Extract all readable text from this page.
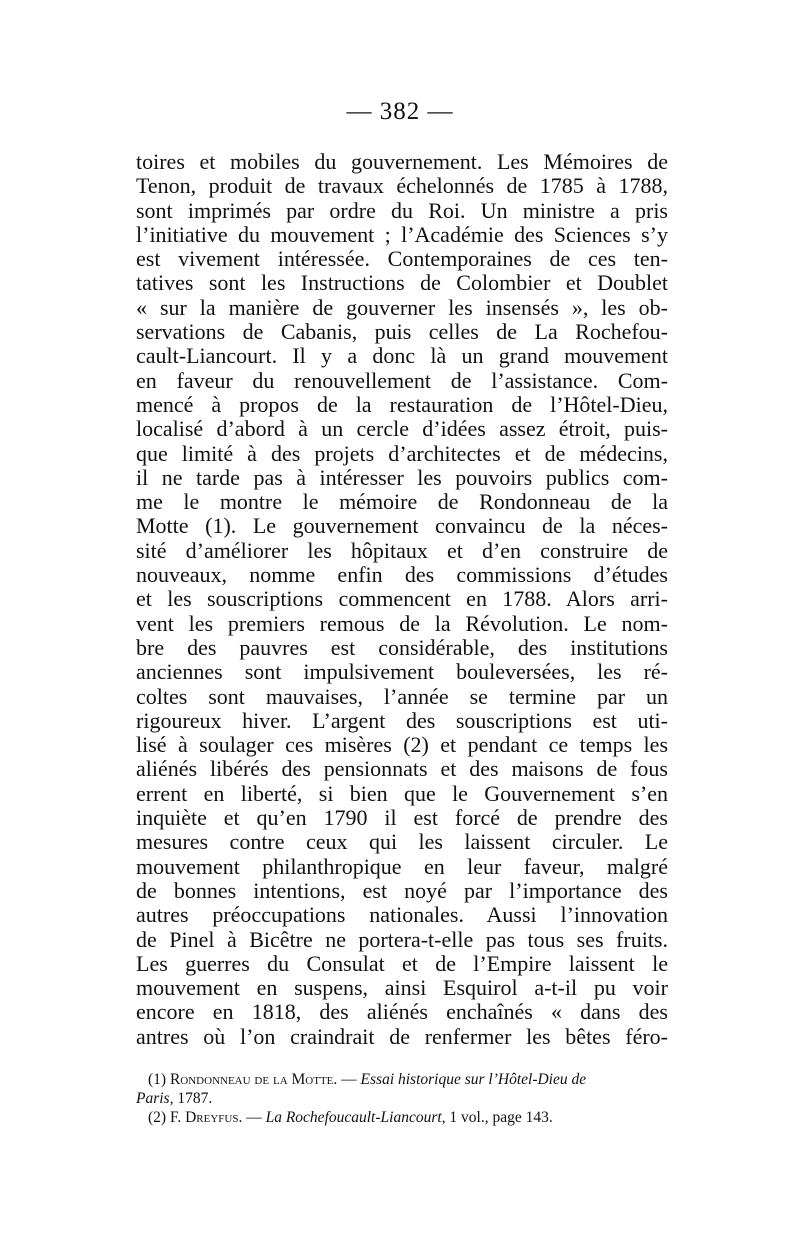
— 382 —
toires et mobiles du gouvernement. Les Mémoires de
Tenon, produit de travaux échelonnés de 1785 à 1788,
sont imprimés par ordre du Roi. Un ministre a pris
l’initiative du mouvement ; l’Académie des Sciences s’y
est vivement intéressée. Contemporaines de ces ten-
tatives sont les Instructions de Colombier et Doublet
« sur la manière de gouverner les insensés », les ob-
servations de Cabanis, puis celles de La Rochefou-
cault-Liancourt. Il y a donc là un grand mouvement
en faveur du renouvellement de l’assistance. Com-
mencé à propos de la restauration de l’Hôtel-Dieu,
localisé d’abord à un cercle d’idées assez étroit, puis-
que limité à des projets d’architectes et de médecins,
il ne tarde pas à intéresser les pouvoirs publics com-
me le montre le mémoire de Rondonneau de la
Motte (1). Le gouvernement convaincu de la néces-
sité d’améliorer les hôpitaux et d’en construire de
nouveaux, nomme enfin des commissions d’études
et les souscriptions commencent en 1788. Alors arri-
vent les premiers remous de la Révolution. Le nom-
bre des pauvres est considérable, des institutions
anciennes sont impulsivement bouleversées, les ré-
coltes sont mauvaises, l’année se termine par un
rigoureux hiver. L’argent des souscriptions est uti-
lisé à soulager ces misères (2) et pendant ce temps les
aliénés libérés des pensionnats et des maisons de fous
errent en liberté, si bien que le Gouvernement s’en
inquiète et qu’en 1790 il est forcé de prendre des
mesures contre ceux qui les laissent circuler. Le
mouvement philanthropique en leur faveur, malgré
de bonnes intentions, est noyé par l’importance des
autres préoccupations nationales. Aussi l’innovation
de Pinel à Bicêtre ne portera-t-elle pas tous ses fruits.
Les guerres du Consulat et de l’Empire laissent le
mouvement en suspens, ainsi Esquirol a-t-il pu voir
encore en 1818, des aliénés enchaînés « dans des
antres où l’on craindrait de renfermer les bêtes féro-
(1) Rondonneau de la Motte. — Essai historique sur l’Hôtel-Dieu de
Paris, 1787.
(2) F. Dreyfus. — La Rochefoucault-Liancourt, 1 vol., page 143.
